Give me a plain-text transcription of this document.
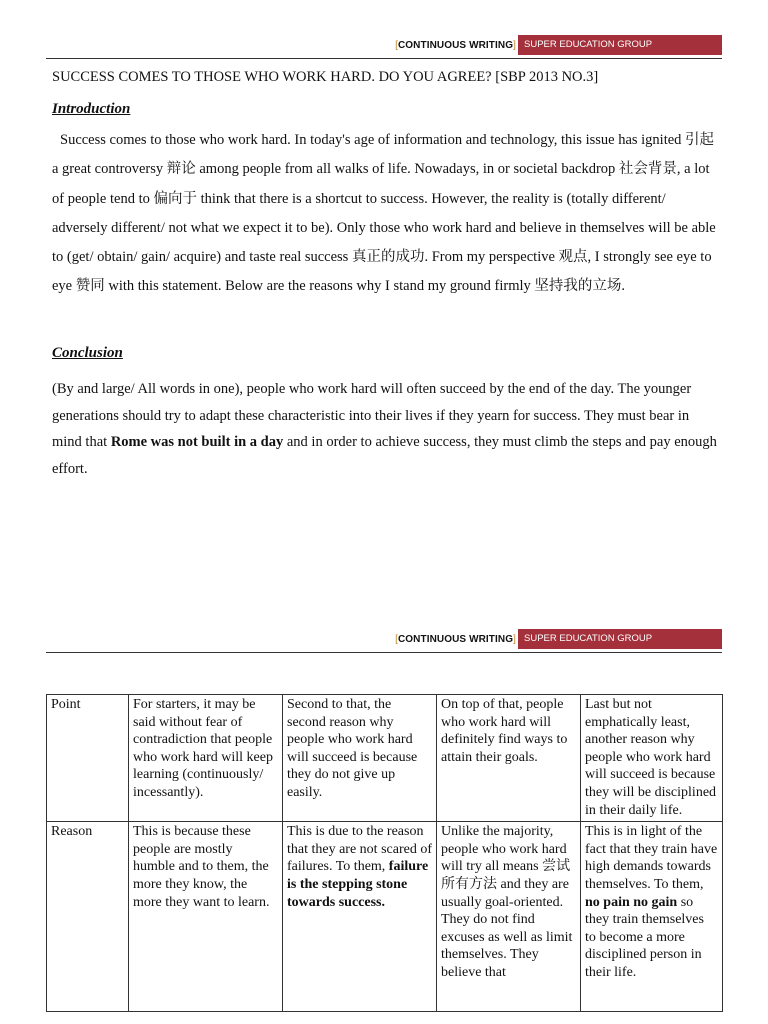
[CONTINUOUS WRITING] SUPER EDUCATION GROUP
SUCCESS COMES TO THOSE WHO WORK HARD. DO YOU AGREE? [SBP 2013 NO.3]
Introduction
Success comes to those who work hard. In today's age of information and technology, this issue has ignited 引起 a great controversy 辩论 among people from all walks of life. Nowadays, in or societal backdrop 社会背景, a lot of people tend to 偏向于 think that there is a shortcut to success. However, the reality is (totally different/ adversely different/ not what we expect it to be). Only those who work hard and believe in themselves will be able to (get/ obtain/ gain/ acquire) and taste real success 真正的成功. From my perspective 观点, I strongly see eye to eye 赞同 with this statement. Below are the reasons why I stand my ground firmly 坚持我的立场.
Conclusion
(By and large/ All words in one), people who work hard will often succeed by the end of the day. The younger generations should try to adapt these characteristic into their lives if they yearn for success. They must bear in mind that Rome was not built in a day and in order to achieve success, they must climb the steps and pay enough effort.
[CONTINUOUS WRITING] SUPER EDUCATION GROUP
Point	For starters, it may be said without fear of contradiction that people who work hard will keep learning (continuously/ incessantly).	Second to that, the second reason why people who work hard will succeed is because they do not give up easily.	On top of that, people who work hard will definitely find ways to attain their goals.	Last but not emphatically least, another reason why people who work hard will succeed is because they will be disciplined in their daily life.
Reason	This is because these people are mostly humble and to them, the more they know, the more they want to learn.	This is due to the reason that they are not scared of failures. To them, failure is the stepping stone towards success.	Unlike the majority, people who work hard will try all means 尝试所有方法 and they are usually goal-oriented. They do not find excuses as well as limit themselves. They believe that	This is in light of the fact that they train have high demands towards themselves. To them, no pain no gain so they train themselves to become a more disciplined person in their life.
